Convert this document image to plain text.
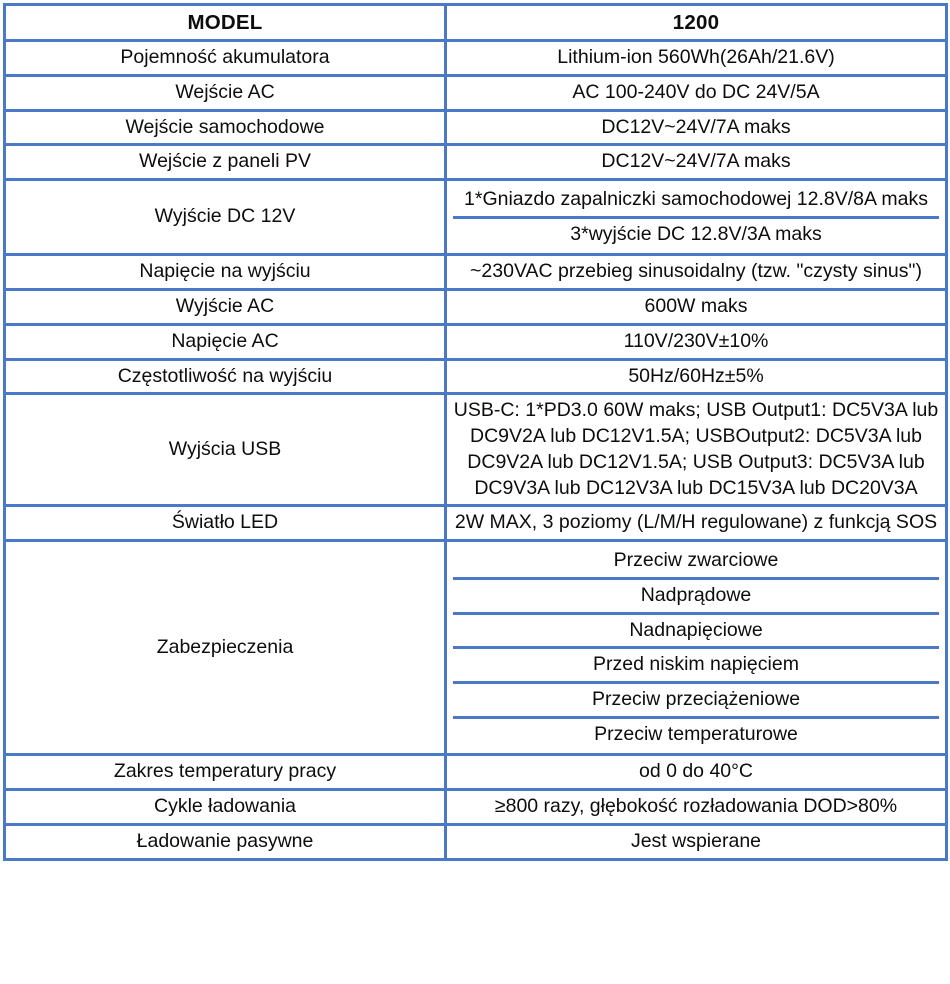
MODEL	1200
Pojemność akumulatora	Lithium-ion 560Wh(26Ah/21.6V)
Wejście AC	AC 100-240V do DC 24V/5A
Wejście samochodowe	DC12V~24V/7A maks
Wejście z paneli PV	DC12V~24V/7A maks
Wyjście DC 12V	
1*Gniazdo zapalniczki samochodowej 12.8V/8A maks
3*wyjście DC 12.8V/3A maks

Napięcie na wyjściu	~230VAC przebieg sinusoidalny (tzw. "czysty sinus")
Wyjście AC	600W maks
Napięcie AC	110V/230V±10%
Częstotliwość na wyjściu	50Hz/60Hz±5%
Wyjścia USB	USB-C: 1*PD3.0 60W maks; USB Output1: DC5V3A lub DC9V2A lub DC12V1.5A; USBOutput2: DC5V3A lub DC9V2A lub DC12V1.5A; USB Output3: DC5V3A lub DC9V3A lub DC12V3A lub DC15V3A lub DC20V3A
Światło LED	2W MAX, 3 poziomy (L/M/H regulowane) z funkcją SOS
Zabezpieczenia	
Przeciw zwarciowe
Nadprądowe
Nadnapięciowe
Przed niskim napięciem
Przeciw przeciążeniowe
Przeciw temperaturowe

Zakres temperatury pracy	od 0 do 40°C
Cykle ładowania	≥800 razy, głębokość rozładowania DOD>80%
Ładowanie pasywne	Jest wspierane
